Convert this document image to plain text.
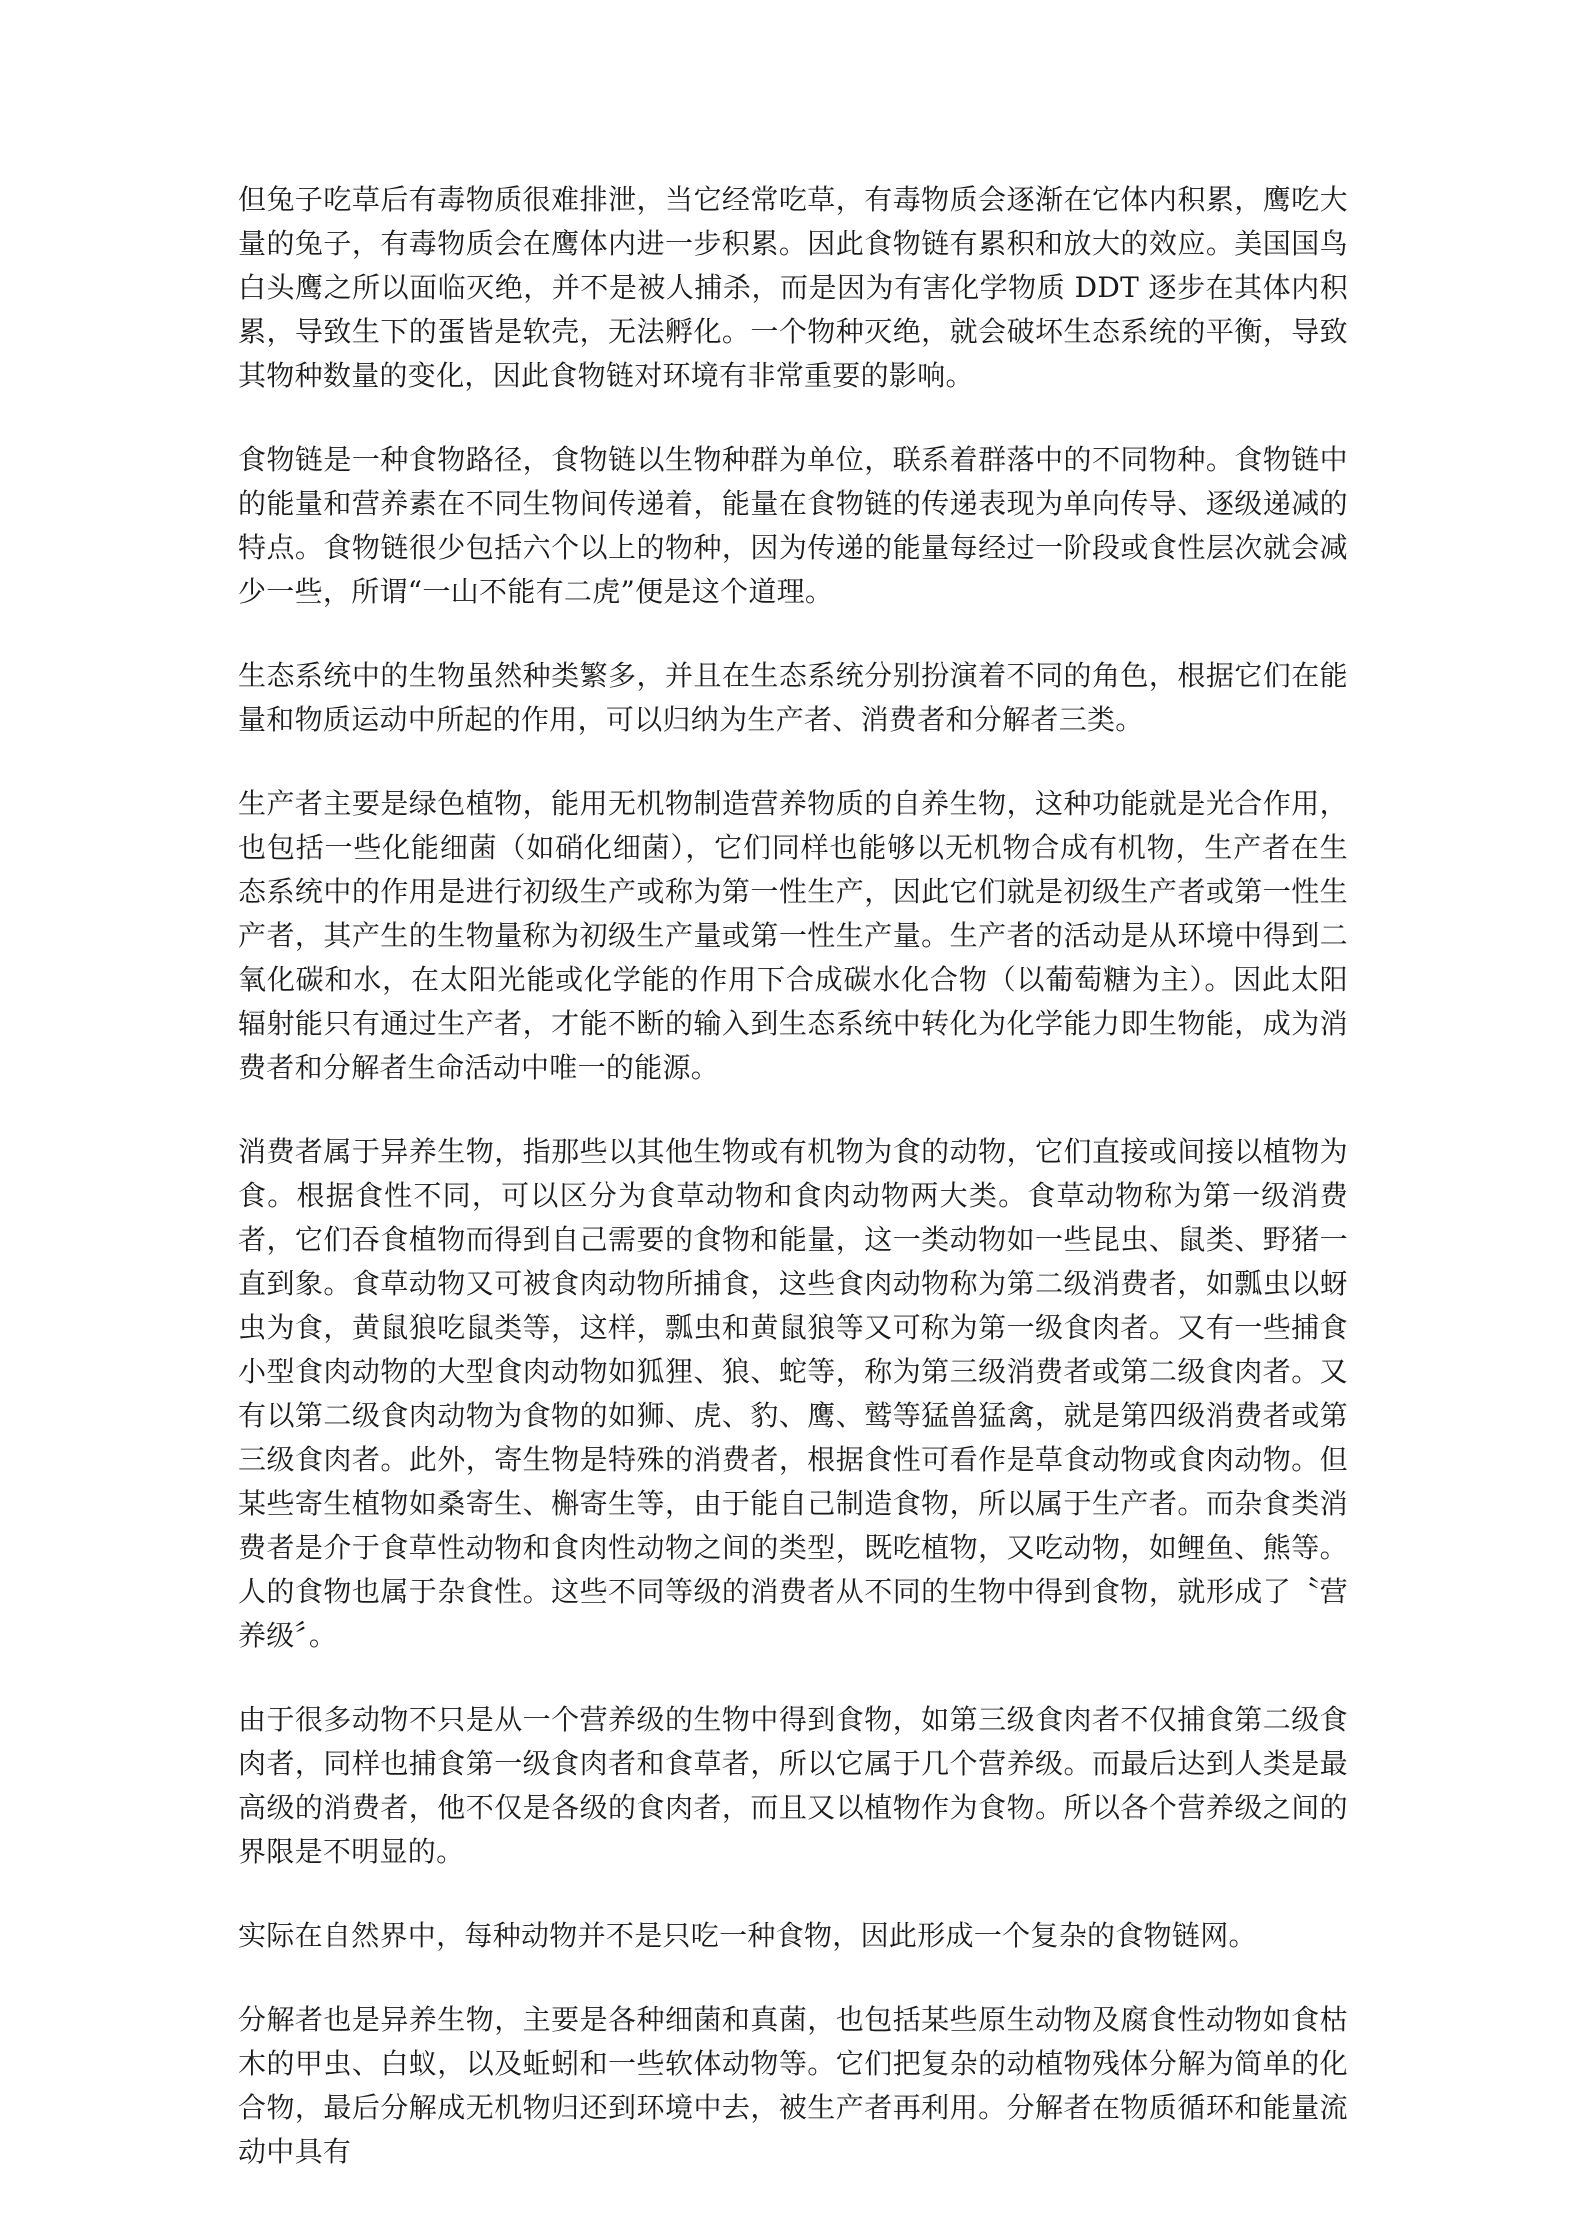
但兔子吃草后有毒物质很难排泄，当它经常吃草，有毒物质会逐渐在它体内积累，鹰吃大量的兔子，有毒物质会在鹰体内进一步积累。因此食物链有累积和放大的效应。美国国鸟白头鹰之所以面临灭绝，并不是被人捕杀，而是因为有害化学物质 DDT 逐步在其体内积累，导致生下的蛋皆是软壳，无法孵化。一个物种灭绝，就会破坏生态系统的平衡，导致其物种数量的变化，因此食物链对环境有非常重要的影响。

食物链是一种食物路径，食物链以生物种群为单位，联系着群落中的不同物种。食物链中的能量和营养素在不同生物间传递着，能量在食物链的传递表现为单向传导、逐级递减的特点。食物链很少包括六个以上的物种，因为传递的能量每经过一阶段或食性层次就会减少一些，所谓“一山不能有二虎”便是这个道理。

生态系统中的生物虽然种类繁多，并且在生态系统分别扮演着不同的角色，根据它们在能量和物质运动中所起的作用，可以归纳为生产者、消费者和分解者三类。

生产者主要是绿色植物，能用无机物制造营养物质的自养生物，这种功能就是光合作用，也包括一些化能细菌（如硝化细菌），它们同样也能够以无机物合成有机物，生产者在生态系统中的作用是进行初级生产或称为第一性生产，因此它们就是初级生产者或第一性生产者，其产生的生物量称为初级生产量或第一性生产量。生产者的活动是从环境中得到二氧化碳和水，在太阳光能或化学能的作用下合成碳水化合物（以葡萄糖为主）。因此太阳辐射能只有通过生产者，才能不断的输入到生态系统中转化为化学能力即生物能，成为消费者和分解者生命活动中唯一的能源。

消费者属于异养生物，指那些以其他生物或有机物为食的动物，它们直接或间接以植物为食。根据食性不同，可以区分为食草动物和食肉动物两大类。食草动物称为第一级消费者，它们吞食植物而得到自己需要的食物和能量，这一类动物如一些昆虫、鼠类、野猪一直到象。食草动物又可被食肉动物所捕食，这些食肉动物称为第二级消费者，如瓢虫以蚜虫为食，黄鼠狼吃鼠类等，这样，瓢虫和黄鼠狼等又可称为第一级食肉者。又有一些捕食小型食肉动物的大型食肉动物如狐狸、狼、蛇等，称为第三级消费者或第二级食肉者。又有以第二级食肉动物为食物的如狮、虎、豹、鹰、鹫等猛兽猛禽，就是第四级消费者或第三级食肉者。此外，寄生物是特殊的消费者，根据食性可看作是草食动物或食肉动物。但某些寄生植物如桑寄生、槲寄生等，由于能自己制造食物，所以属于生产者。而杂食类消费者是介于食草性动物和食肉性动物之间的类型，既吃植物，又吃动物，如鲤鱼、熊等。人的食物也属于杂食性。这些不同等级的消费者从不同的生物中得到食物，就形成了〝营养级〞。

由于很多动物不只是从一个营养级的生物中得到食物，如第三级食肉者不仅捕食第二级食肉者，同样也捕食第一级食肉者和食草者，所以它属于几个营养级。而最后达到人类是最高级的消费者，他不仅是各级的食肉者，而且又以植物作为食物。所以各个营养级之间的界限是不明显的。

实际在自然界中，每种动物并不是只吃一种食物，因此形成一个复杂的食物链网。

分解者也是异养生物，主要是各种细菌和真菌，也包括某些原生动物及腐食性动物如食枯木的甲虫、白蚁，以及蚯蚓和一些软体动物等。它们把复杂的动植物残体分解为简单的化合物，最后分解成无机物归还到环境中去，被生产者再利用。分解者在物质循环和能量流动中具有
